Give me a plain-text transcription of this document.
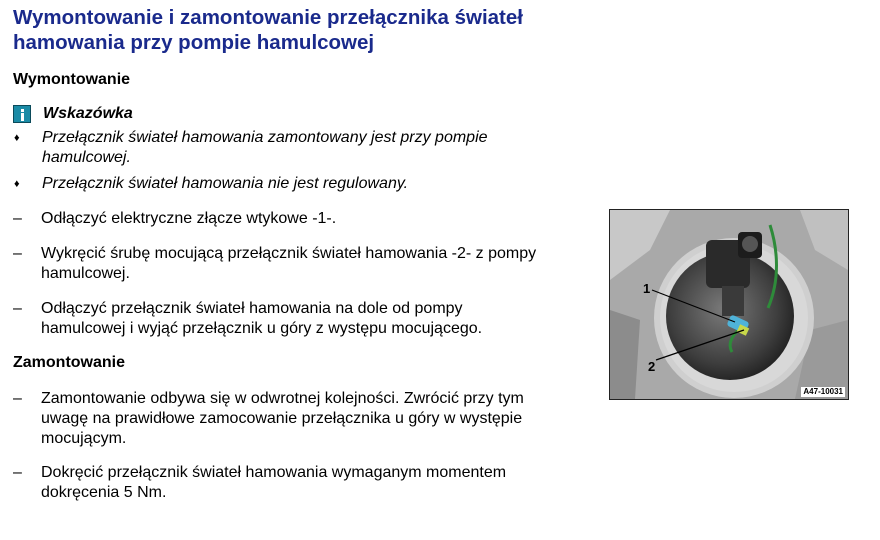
Wymontowanie i zamontowanie przełącznika świateł
hamowania przy pompie hamulcowej
Wymontowanie
Wskazówka
♦	Przełącznik świateł hamowania zamontowany jest przy pompie
hamulcowej.
♦	Przełącznik świateł hamowania nie jest regulowany.
–	Odłączyć elektryczne złącze wtykowe -1-.
–	Wykręcić śrubę mocującą przełącznik świateł hamowania -2- z pompy
hamulcowej.
–	Odłączyć przełącznik świateł hamowania na dole od pompy
hamulcowej i wyjąć przełącznik u góry z występu mocującego.
Zamontowanie
–	Zamontowanie odbywa się w odwrotnej kolejności. Zwrócić przy tym
uwagę na prawidłowe zamocowanie przełącznika u góry w występie
mocującym.
–	Dokręcić przełącznik świateł hamowania wymaganym momentem
dokręcenia 5 Nm.
1
2
A47-10031
